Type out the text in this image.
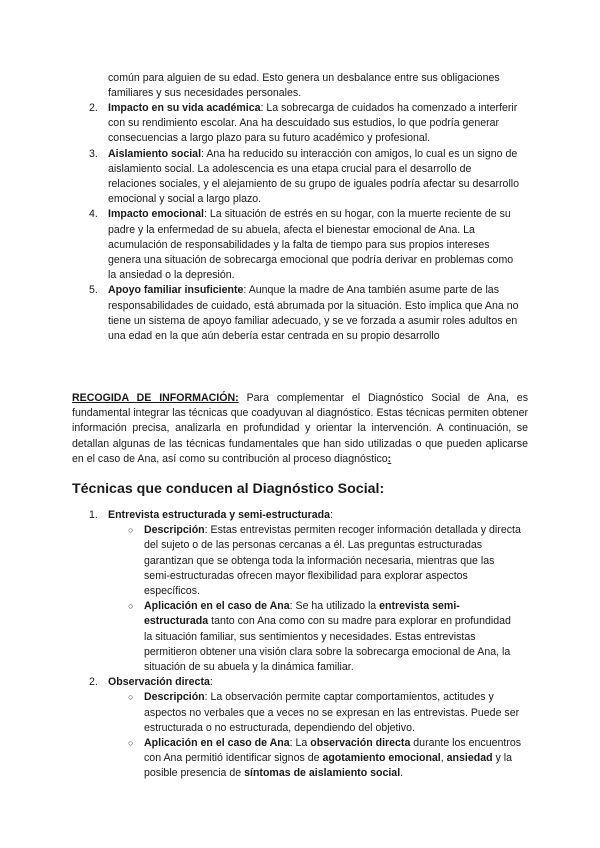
común para alguien de su edad. Esto genera un desbalance entre sus obligaciones familiares y sus necesidades personales.

2. Impacto en su vida académica: La sobrecarga de cuidados ha comenzado a interferir con su rendimiento escolar. Ana ha descuidado sus estudios, lo que podría generar consecuencias a largo plazo para su futuro académico y profesional.

3. Aislamiento social: Ana ha reducido su interacción con amigos, lo cual es un signo de aislamiento social. La adolescencia es una etapa crucial para el desarrollo de relaciones sociales, y el alejamiento de su grupo de iguales podría afectar su desarrollo emocional y social a largo plazo.

4. Impacto emocional: La situación de estrés en su hogar, con la muerte reciente de su padre y la enfermedad de su abuela, afecta el bienestar emocional de Ana. La acumulación de responsabilidades y la falta de tiempo para sus propios intereses genera una situación de sobrecarga emocional que podría derivar en problemas como la ansiedad o la depresión.

5. Apoyo familiar insuficiente: Aunque la madre de Ana también asume parte de las responsabilidades de cuidado, está abrumada por la situación. Esto implica que Ana no tiene un sistema de apoyo familiar adecuado, y se ve forzada a asumir roles adultos en una edad en la que aún debería estar centrada en su propio desarrollo

RECOGIDA DE INFORMACIÓN: Para complementar el Diagnóstico Social de Ana, es fundamental integrar las técnicas que coadyuvan al diagnóstico. Estas técnicas permiten obtener información precisa, analizarla en profundidad y orientar la intervención. A continuación, se detallan algunas de las técnicas fundamentales que han sido utilizadas o que pueden aplicarse en el caso de Ana, así como su contribución al proceso diagnóstico:

Técnicas que conducen al Diagnóstico Social:

1. Entrevista estructurada y semi-estructurada:

○ Descripción: Estas entrevistas permiten recoger información detallada y directa del sujeto o de las personas cercanas a él. Las preguntas estructuradas garantizan que se obtenga toda la información necesaria, mientras que las semi-estructuradas ofrecen mayor flexibilidad para explorar aspectos específicos.

○ Aplicación en el caso de Ana: Se ha utilizado la entrevista semi-estructurada tanto con Ana como con su madre para explorar en profundidad la situación familiar, sus sentimientos y necesidades. Estas entrevistas permitieron obtener una visión clara sobre la sobrecarga emocional de Ana, la situación de su abuela y la dinámica familiar.

2. Observación directa:

○ Descripción: La observación permite captar comportamientos, actitudes y aspectos no verbales que a veces no se expresan en las entrevistas. Puede ser estructurada o no estructurada, dependiendo del objetivo.

○ Aplicación en el caso de Ana: La observación directa durante los encuentros con Ana permitió identificar signos de agotamiento emocional, ansiedad y la posible presencia de síntomas de aislamiento social.
